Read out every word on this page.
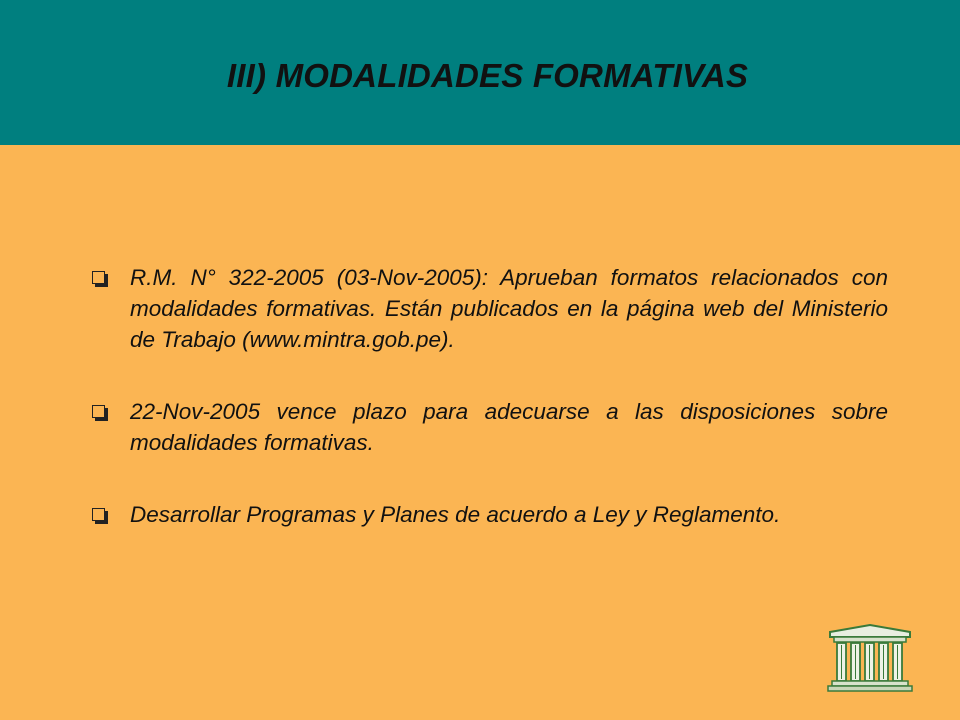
III) MODALIDADES FORMATIVAS
R.M. N° 322-2005 (03-Nov-2005): Aprueban formatos relacionados con modalidades formativas. Están publicados en la página web del Ministerio de Trabajo (www.mintra.gob.pe).
22-Nov-2005 vence plazo para adecuarse a las disposiciones sobre modalidades formativas.
Desarrollar Programas y Planes de acuerdo a Ley y Reglamento.
